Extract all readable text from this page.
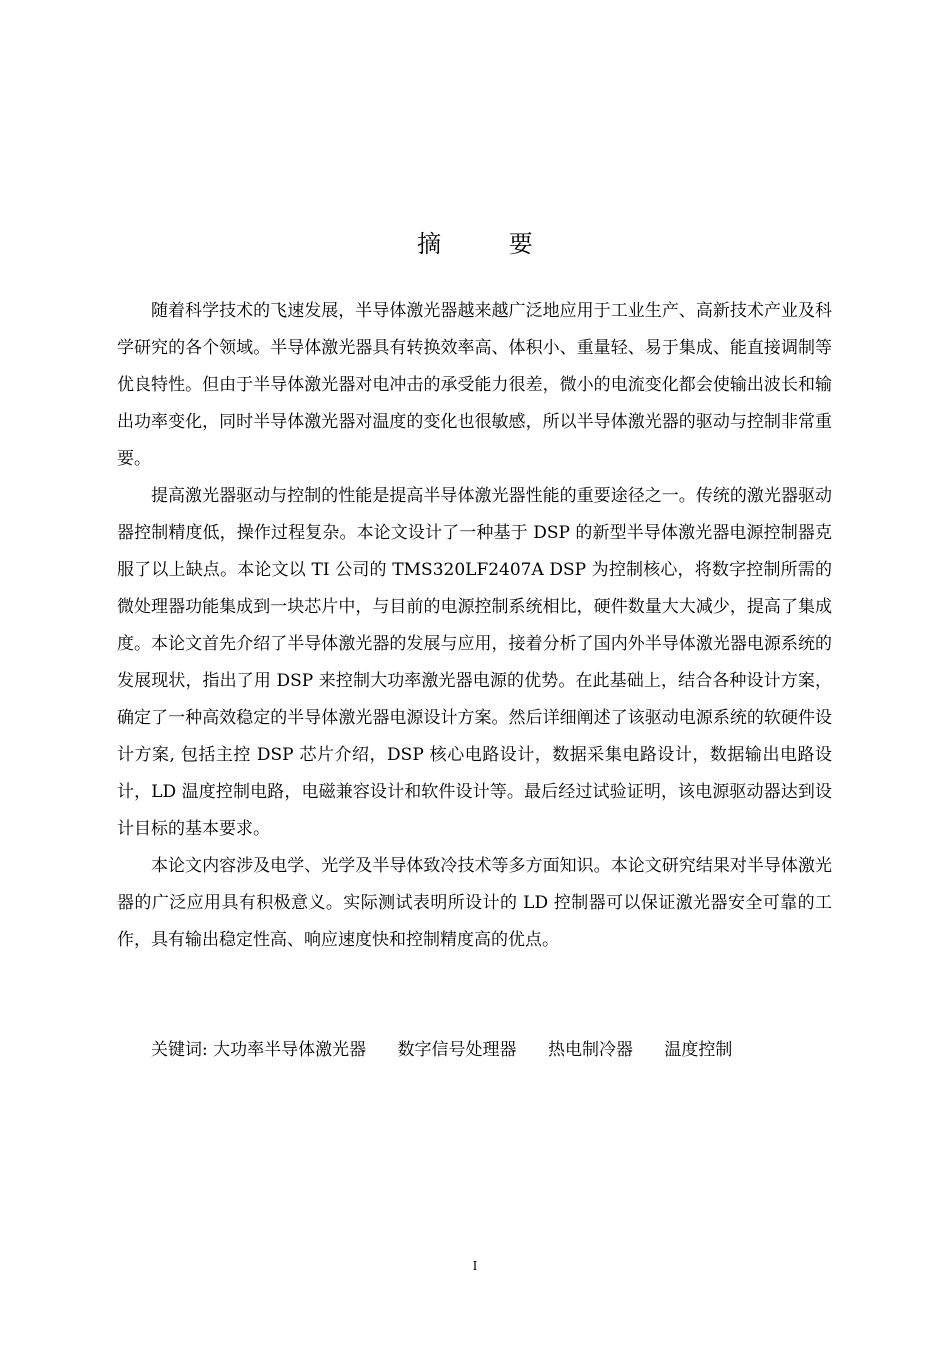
摘 要

随着科学技术的飞速发展，半导体激光器越来越广泛地应用于工业生产、高新技术产业及科学研究的各个领域。半导体激光器具有转换效率高、体积小、重量轻、易于集成、能直接调制等优良特性。但由于半导体激光器对电冲击的承受能力很差，微小的电流变化都会使输出波长和输出功率变化，同时半导体激光器对温度的变化也很敏感，所以半导体激光器的驱动与控制非常重要。

提高激光器驱动与控制的性能是提高半导体激光器性能的重要途径之一。传统的激光器驱动器控制精度低，操作过程复杂。本论文设计了一种基于 DSP 的新型半导体激光器电源控制器克服了以上缺点。本论文以 TI 公司的 TMS320LF2407A DSP 为控制核心，将数字控制所需的微处理器功能集成到一块芯片中，与目前的电源控制系统相比，硬件数量大大减少，提高了集成度。本论文首先介绍了半导体激光器的发展与应用，接着分析了国内外半导体激光器电源系统的发展现状，指出了用 DSP 来控制大功率激光器电源的优势。在此基础上，结合各种设计方案，确定了一种高效稳定的半导体激光器电源设计方案。然后详细阐述了该驱动电源系统的软硬件设计方案, 包括主控 DSP 芯片介绍，DSP 核心电路设计，数据采集电路设计，数据输出电路设计，LD 温度控制电路，电磁兼容设计和软件设计等。最后经过试验证明，该电源驱动器达到设计目标的基本要求。

本论文内容涉及电学、光学及半导体致冷技术等多方面知识。本论文研究结果对半导体激光器的广泛应用具有积极意义。实际测试表明所设计的 LD 控制器可以保证激光器安全可靠的工作，具有输出稳定性高、响应速度快和控制精度高的优点。

关键词: 大功率半导体激光器 数字信号处理器 热电制冷器 温度控制
I
